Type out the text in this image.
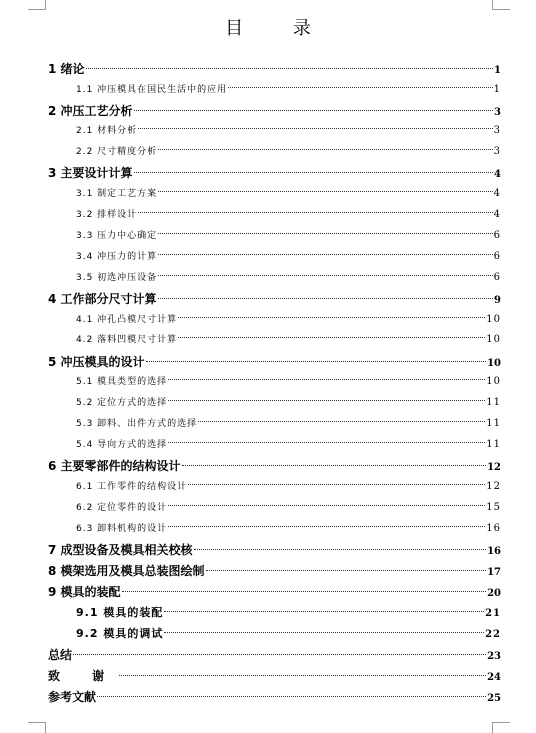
目 录
1 绪论	1
1.1 冲压模具在国民生活中的应用	1
2 冲压工艺分析	3
2.1 材料分析	3
2.2 尺寸精度分析	3
3 主要设计计算	4
3.1 制定工艺方案	4
3.2 排样设计	4
3.3 压力中心确定	6
3.4 冲压力的计算	6
3.5 初选冲压设备	6
4 工作部分尺寸计算	9
4.1 冲孔凸模尺寸计算	10
4.2 落料凹模尺寸计算	10
5 冲压模具的设计	10
5.1 模具类型的选择	10
5.2 定位方式的选择	11
5.3 卸料、出件方式的选择	11
5.4 导向方式的选择	11
6 主要零部件的结构设计	12
6.1 工作零件的结构设计	12
6.2 定位零件的设计	15
6.3 卸料机构的设计	16
7 成型设备及模具相关校核	16
8 模架选用及模具总装图绘制	17
9 模具的装配	20
9.1 模具的装配	21
9.2 模具的调试	22
总结	23
致 谢	24
参考文献	25
